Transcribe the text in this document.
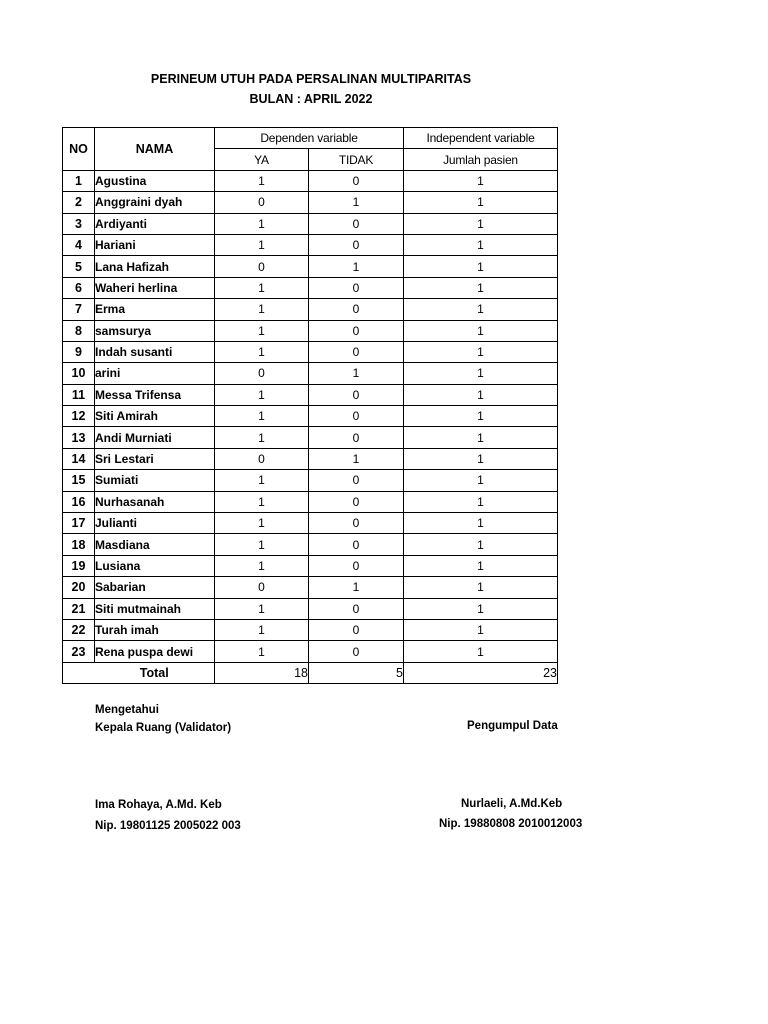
PERINEUM UTUH PADA PERSALINAN MULTIPARITAS
BULAN : APRIL 2022
NO	NAMA	Dependen variable		Independent variable
		YA	TIDAK	Jumlah pasien
1	Agustina	1	0	1
2	Anggraini dyah	0	1	1
3	Ardiyanti	1	0	1
4	Hariani	1	0	1
5	Lana Hafizah	0	1	1
6	Waheri herlina	1	0	1
7	Erma	1	0	1
8	samsurya	1	0	1
9	Indah susanti	1	0	1
10	arini	0	1	1
11	Messa Trifensa	1	0	1
12	Siti Amirah	1	0	1
13	Andi Murniati	1	0	1
14	Sri Lestari	0	1	1
15	Sumiati	1	0	1
16	Nurhasanah	1	0	1
17	Julianti	1	0	1
18	Masdiana	1	0	1
19	Lusiana	1	0	1
20	Sabarian	0	1	1
21	Siti mutmainah	1	0	1
22	Turah imah	1	0	1
23	Rena puspa dewi	1	0	1
	Total	18	5	23
Mengetahui
Kepala Ruang (Validator)	Pengumpul Data
Ima Rohaya, A.Md. Keb
Nip. 19801125 2005022 003
Nurlaeli, A.Md.Keb
Nip. 19880808 2010012003
